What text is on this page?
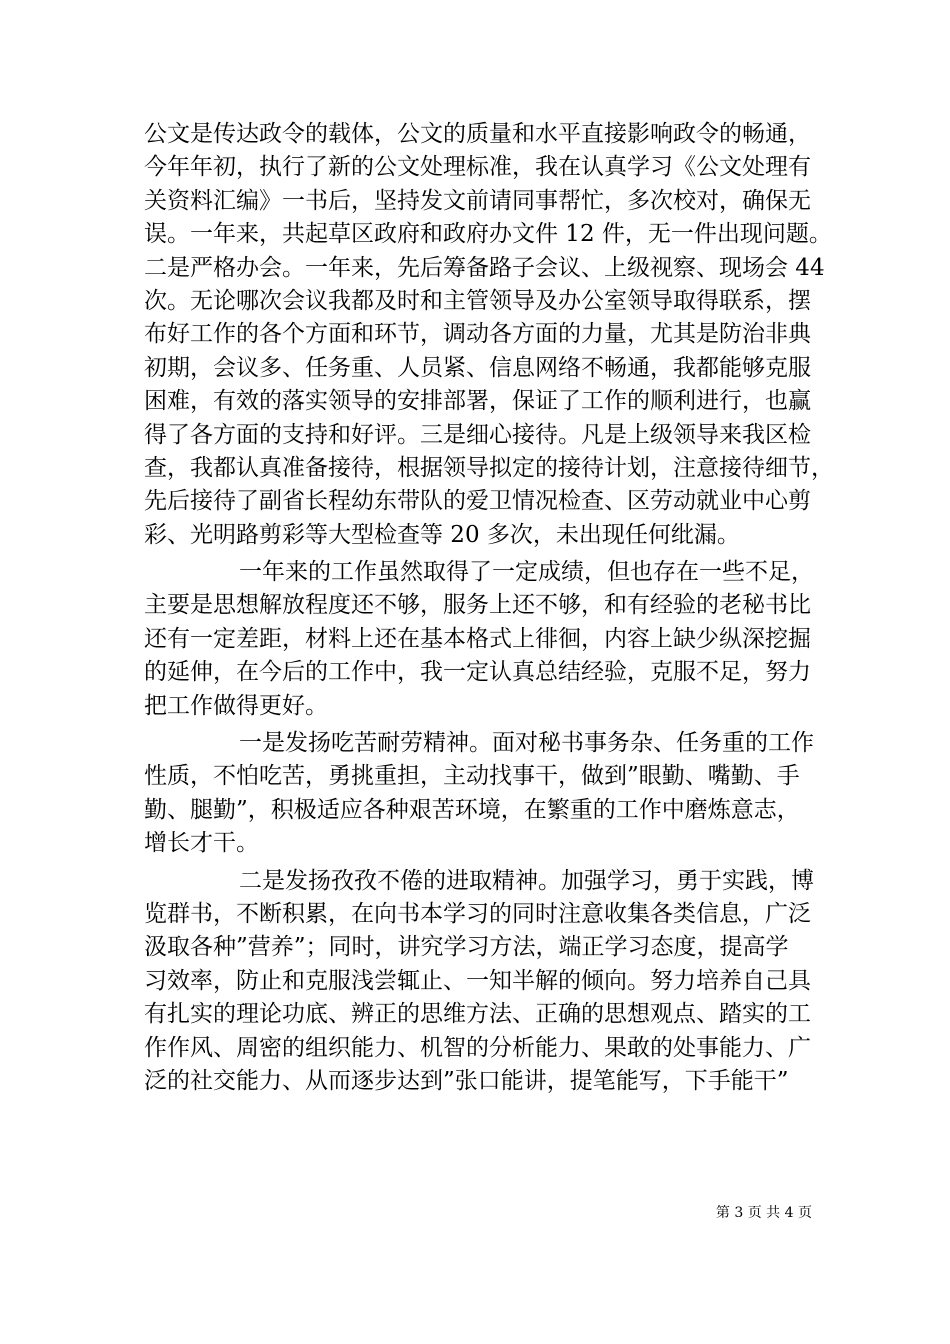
公文是传达政令的载体，公文的质量和水平直接影响政令的畅通，
今年年初，执行了新的公文处理标准，我在认真学习《公文处理有
关资料汇编》一书后，坚持发文前请同事帮忙，多次校对，确保无
误。一年来，共起草区政府和政府办文件 12 件，无一件出现问题。
二是严格办会。一年来，先后筹备路子会议、上级视察、现场会 44
次。无论哪次会议我都及时和主管领导及办公室领导取得联系，摆
布好工作的各个方面和环节，调动各方面的力量，尤其是防治非典
初期，会议多、任务重、人员紧、信息网络不畅通，我都能够克服
困难，有效的落实领导的安排部署，保证了工作的顺利进行，也赢
得了各方面的支持和好评。三是细心接待。凡是上级领导来我区检
查，我都认真准备接待，根据领导拟定的接待计划，注意接待细节，
先后接待了副省长程幼东带队的爱卫情况检查、区劳动就业中心剪
彩、光明路剪彩等大型检查等 20 多次，未出现任何纰漏。
一年来的工作虽然取得了一定成绩，但也存在一些不足，
主要是思想解放程度还不够，服务上还不够，和有经验的老秘书比
还有一定差距，材料上还在基本格式上徘徊，内容上缺少纵深挖掘
的延伸，在今后的工作中，我一定认真总结经验，克服不足，努力
把工作做得更好。
一是发扬吃苦耐劳精神。面对秘书事务杂、任务重的工作
性质，不怕吃苦，勇挑重担，主动找事干，做到”眼勤、嘴勤、手
勤、腿勤”，积极适应各种艰苦环境，在繁重的工作中磨炼意志，
增长才干。
二是发扬孜孜不倦的进取精神。加强学习，勇于实践，博
览群书，不断积累，在向书本学习的同时注意收集各类信息，广泛
汲取各种”营养”；同时，讲究学习方法，端正学习态度，提高学
习效率，防止和克服浅尝辄止、一知半解的倾向。努力培养自己具
有扎实的理论功底、辨正的思维方法、正确的思想观点、踏实的工
作作风、周密的组织能力、机智的分析能力、果敢的处事能力、广
泛的社交能力、从而逐步达到”张口能讲，提笔能写，下手能干”
第 3 页 共 4 页
